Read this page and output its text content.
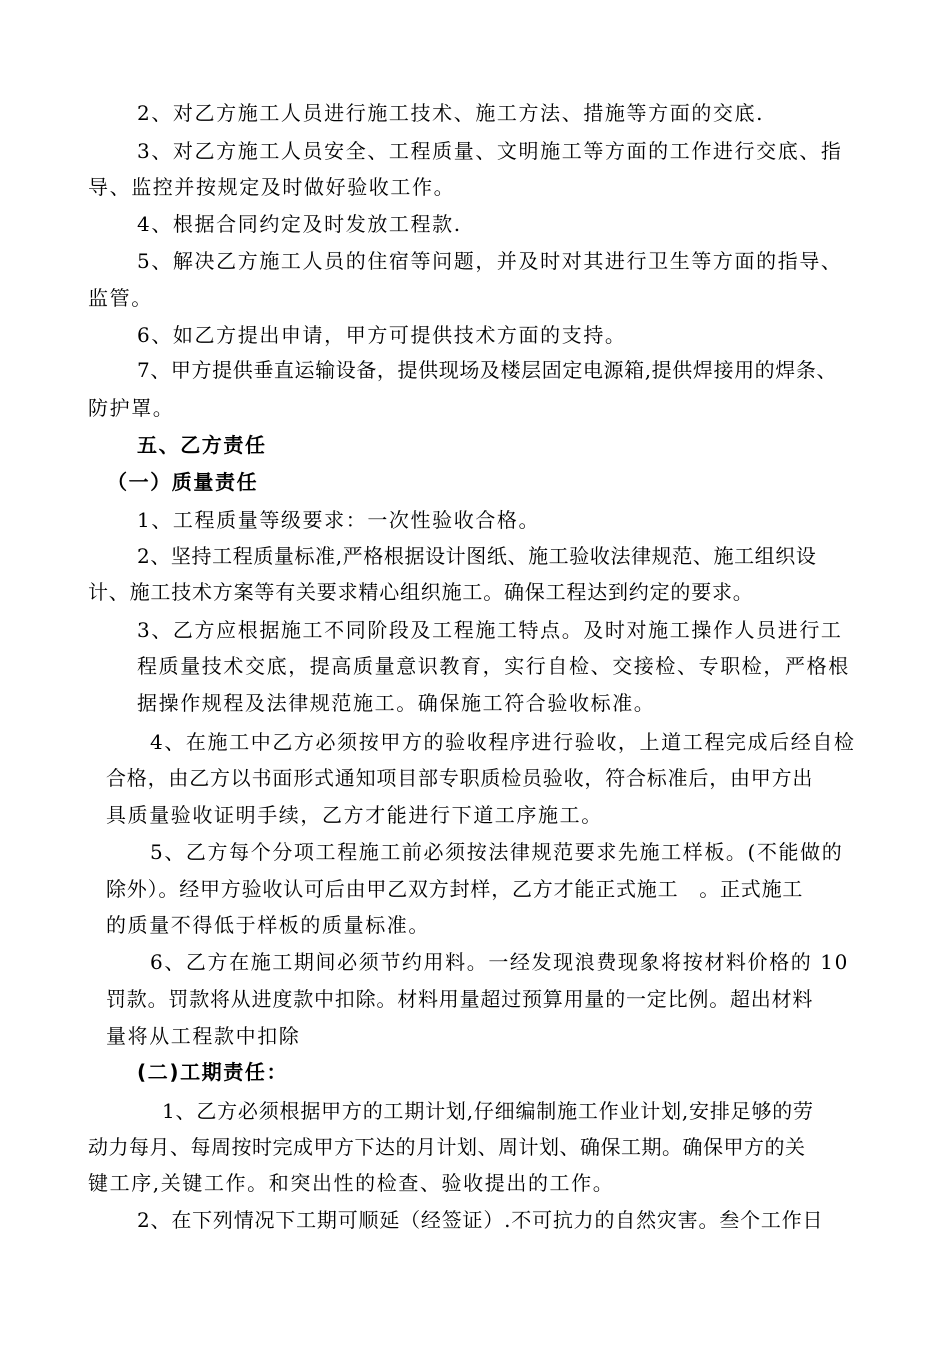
2、对乙方施工人员进行施工技术、施工方法、措施等方面的交底.
3、对乙方施工人员安全、工程质量、文明施工等方面的工作进行交底、指
导、监控并按规定及时做好验收工作。
4、根据合同约定及时发放工程款.
5、解决乙方施工人员的住宿等问题，并及时对其进行卫生等方面的指导、
监管。
6、如乙方提出申请，甲方可提供技术方面的支持。
7、甲方提供垂直运输设备，提供现场及楼层固定电源箱,提供焊接用的焊条、
防护罩。
五、乙方责任
（一）质量责任
1、工程质量等级要求：一次性验收合格。
2、坚持工程质量标准,严格根据设计图纸、施工验收法律规范、施工组织设
计、施工技术方案等有关要求精心组织施工。确保工程达到约定的要求。
3、乙方应根据施工不同阶段及工程施工特点。及时对施工操作人员进行工
程质量技术交底，提高质量意识教育，实行自检、交接检、专职检，严格根
据操作规程及法律规范施工。确保施工符合验收标准。
4、在施工中乙方必须按甲方的验收程序进行验收，上道工程完成后经自检
合格，由乙方以书面形式通知项目部专职质检员验收，符合标准后，由甲方出
具质量验收证明手续，乙方才能进行下道工序施工。
5、乙方每个分项工程施工前必须按法律规范要求先施工样板。(不能做的
除外）。经甲方验收认可后由甲乙双方封样，乙方才能正式施工　。正式施工
的质量不得低于样板的质量标准。
6、乙方在施工期间必须节约用料。一经发现浪费现象将按材料价格的 10
罚款。罚款将从进度款中扣除。材料用量超过预算用量的一定比例。超出材料
量将从工程款中扣除
(二)工期责任：
1、乙方必须根据甲方的工期计划,仔细编制施工作业计划,安排足够的劳
动力每月、每周按时完成甲方下达的月计划、周计划、确保工期。确保甲方的关
键工序,关键工作。和突出性的检查、验收提出的工作。
2、在下列情况下工期可顺延（经签证）.不可抗力的自然灾害。叁个工作日
